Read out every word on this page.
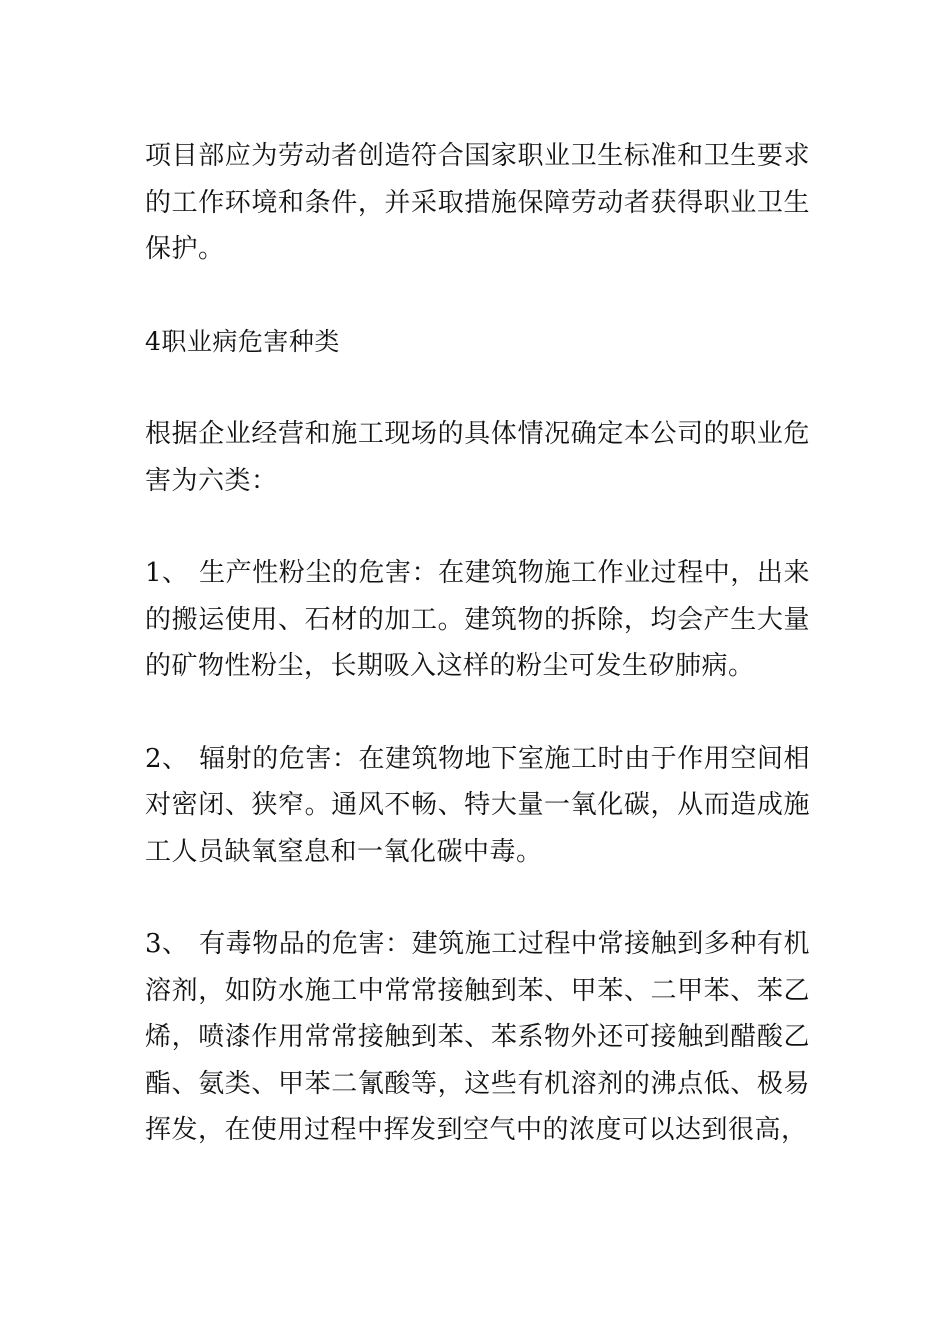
项目部应为劳动者创造符合国家职业卫生标准和卫生要求的工作环境和条件，并采取措施保障劳动者获得职业卫生保护。

4职业病危害种类

根据企业经营和施工现场的具体情况确定本公司的职业危害为六类：

1、 生产性粉尘的危害：在建筑物施工作业过程中，出来的搬运使用、石材的加工。建筑物的拆除，均会产生大量的矿物性粉尘，长期吸入这样的粉尘可发生矽肺病。

2、 辐射的危害：在建筑物地下室施工时由于作用空间相对密闭、狭窄。通风不畅、特大量一氧化碳，从而造成施工人员缺氧窒息和一氧化碳中毒。

3、 有毒物品的危害：建筑施工过程中常接触到多种有机溶剂，如防水施工中常常接触到苯、甲苯、二甲苯、苯乙烯，喷漆作用常常接触到苯、苯系物外还可接触到醋酸乙酯、氨类、甲苯二氰酸等，这些有机溶剂的沸点低、极易挥发，在使用过程中挥发到空气中的浓度可以达到很高，
